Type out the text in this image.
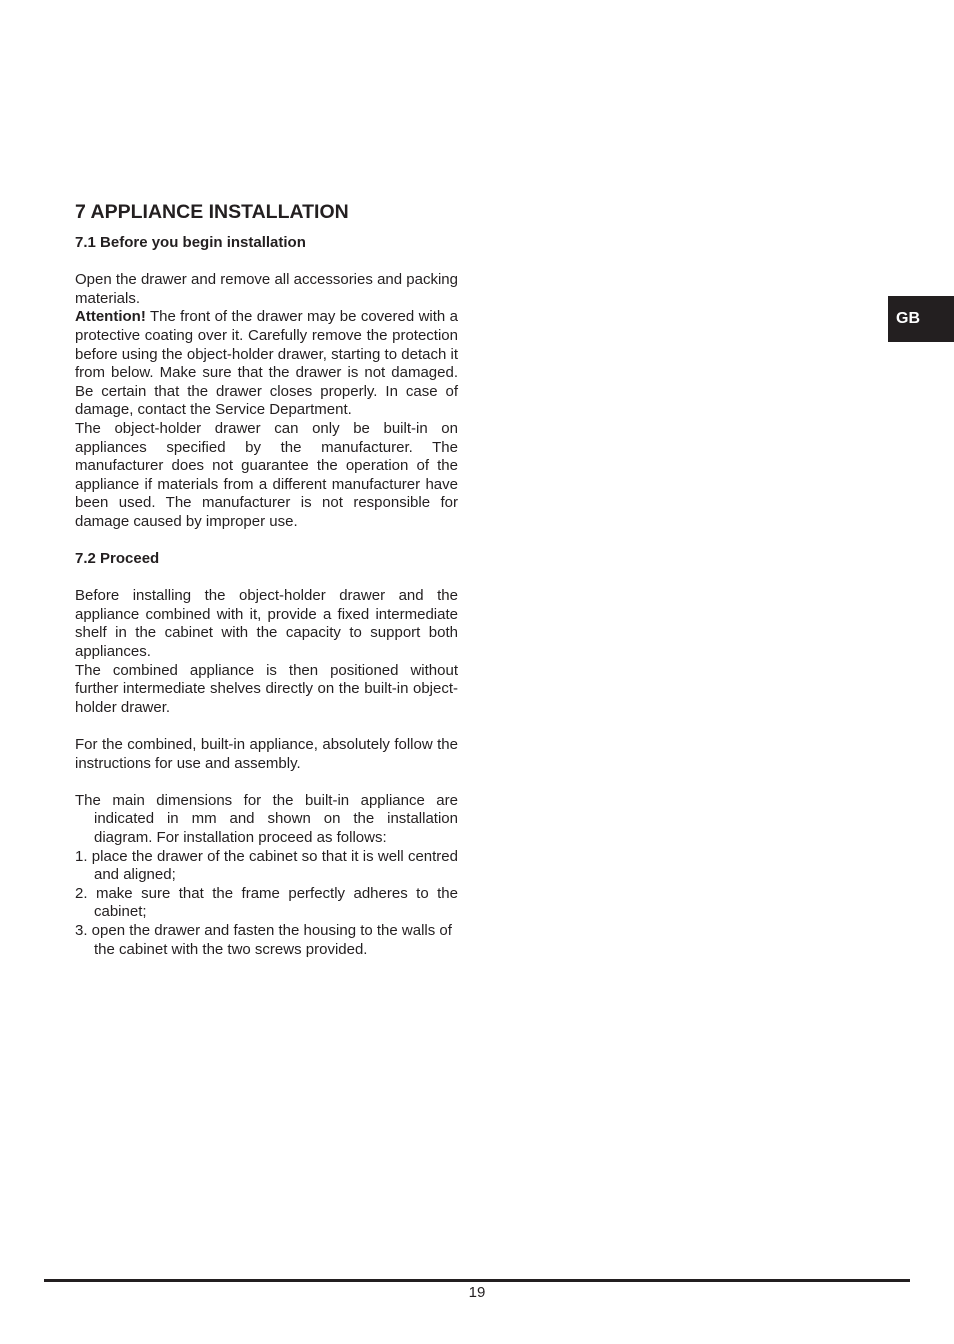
7 APPLIANCE INSTALLATION
7.1 Before you begin installation

Open the drawer and remove all accessories and packing materials.

Attention! The front of the drawer may be covered with a protective coating over it. Carefully remove the protection before using the object-holder drawer, starting to detach it from below. Make sure that the drawer is not damaged. Be certain that the drawer closes properly. In case of damage, contact the Service Department.

The object-holder drawer can only be built-in on appliances specified by the manufacturer. The manufacturer does not guarantee the operation of the appliance if materials from a different manufacturer have been used. The manufacturer is not responsible for damage caused by improper use.

7.2 Proceed

Before installing the object-holder drawer and the appliance combined with it, provide a fixed intermediate shelf in the cabinet with the capacity to support both appliances.

The combined appliance is then positioned without further intermediate shelves directly on the built-in object-holder drawer.

For the combined, built-in appliance, absolutely follow the instructions for use and assembly.

The main dimensions for the built-in appliance are indicated in mm and shown on the installation diagram. For installation proceed as follows:

1. place the drawer of the cabinet so that it is well centred and aligned;

2. make sure that the frame perfectly adheres to the cabinet;

3. open the drawer and fasten the housing to the walls of the cabinet with the two screws provided.

GB
19
